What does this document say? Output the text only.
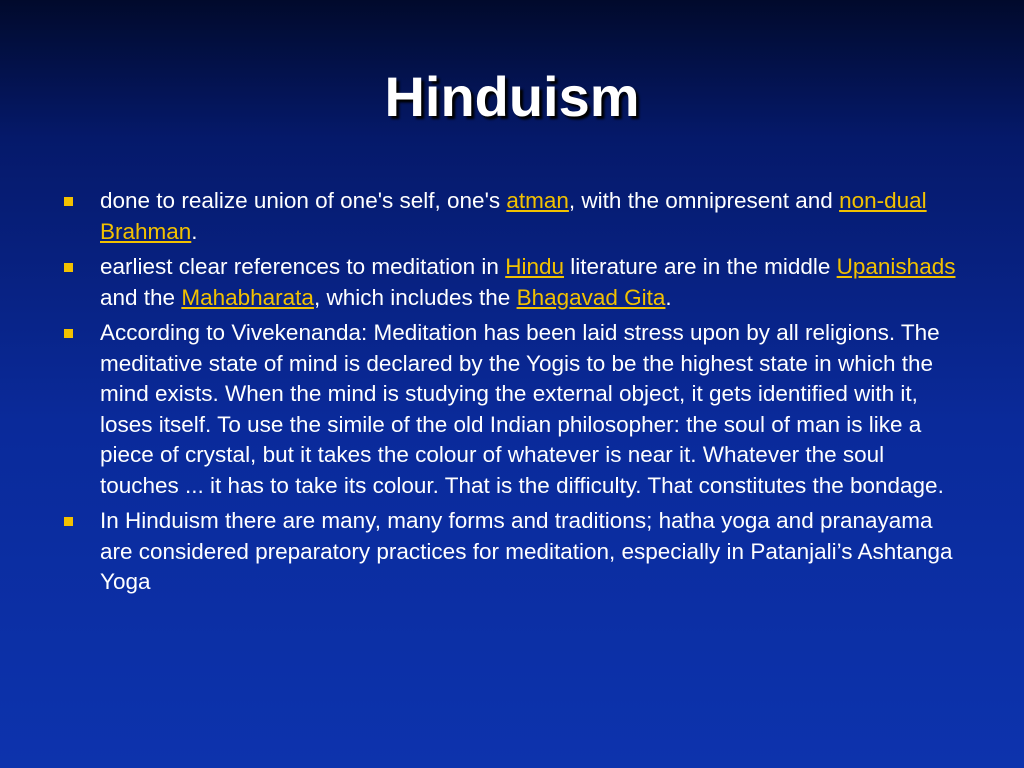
Hinduism
done to realize union of one's self, one's atman, with the omnipresent and non-dual Brahman.
earliest clear references to meditation in Hindu literature are in the middle Upanishads and the Mahabharata, which includes the Bhagavad Gita.
According to Vivekenanda: Meditation has been laid stress upon by all religions. The meditative state of mind is declared by the Yogis to be the highest state in which the mind exists. When the mind is studying the external object, it gets identified with it, loses itself. To use the simile of the old Indian philosopher: the soul of man is like a piece of crystal, but it takes the colour of whatever is near it. Whatever the soul touches ... it has to take its colour. That is the difficulty. That constitutes the bondage.
In Hinduism there are many, many forms and traditions; hatha yoga and pranayama are considered preparatory practices for meditation, especially in Patanjali’s Ashtanga Yoga
